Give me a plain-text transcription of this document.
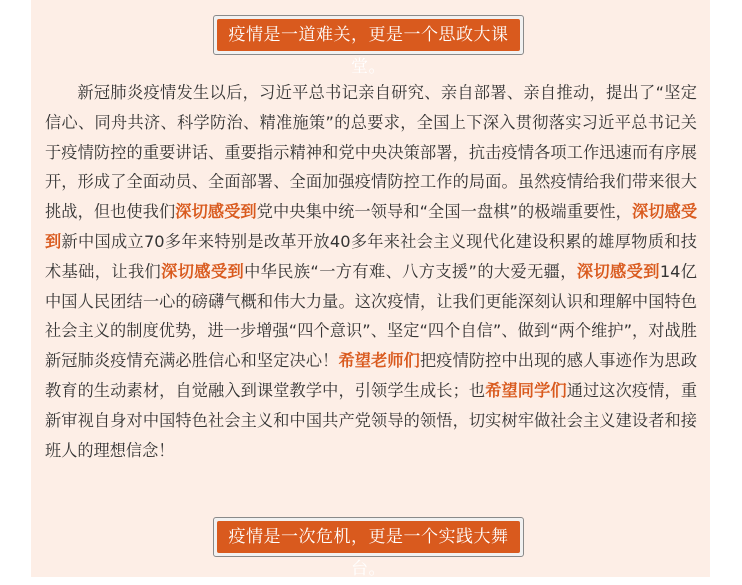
疫情是一道难关，更是一个思政大课堂。

新冠肺炎疫情发生以后，习近平总书记亲自研究、亲自部署、亲自推动，提出了“坚定信心、同舟共济、科学防治、精准施策”的总要求，全国上下深入贯彻落实习近平总书记关于疫情防控的重要讲话、重要指示精神和党中央决策部署，抗击疫情各项工作迅速而有序展开，形成了全面动员、全面部署、全面加强疫情防控工作的局面。虽然疫情给我们带来很大挑战，但也使我们深切感受到党中央集中统一领导和“全国一盘棋”的极端重要性，深切感受到新中国成立70多年来特别是改革开放40多年来社会主义现代化建设积累的雄厚物质和技术基础，让我们深切感受到中华民族“一方有难、八方支援”的大爱无疆，深切感受到14亿中国人民团结一心的磅礴气概和伟大力量。这次疫情，让我们更能深刻认识和理解中国特色社会主义的制度优势，进一步增强“四个意识”、坚定“四个自信”、做到“两个维护”，对战胜新冠肺炎疫情充满必胜信心和坚定决心！希望老师们把疫情防控中出现的感人事迹作为思政教育的生动素材，自觉融入到课堂教学中，引领学生成长；也希望同学们通过这次疫情，重新审视自身对中国特色社会主义和中国共产党领导的领悟，切实树牢做社会主义建设者和接班人的理想信念！

疫情是一次危机，更是一个实践大舞台。
